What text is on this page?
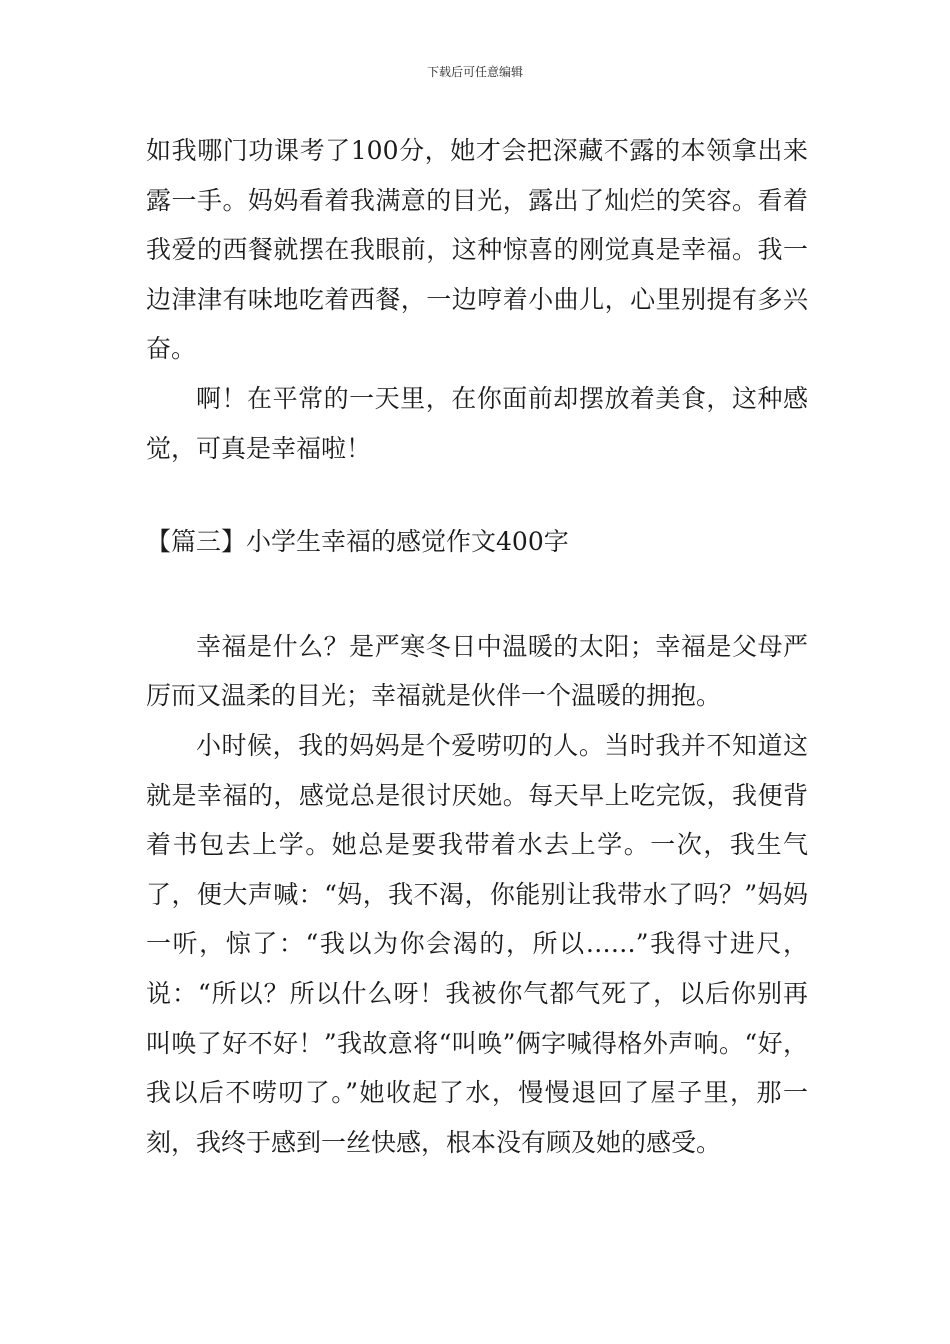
下载后可任意编辑

如我哪门功课考了100分，她才会把深藏不露的本领拿出来露一手。妈妈看着我满意的目光，露出了灿烂的笑容。看着我爱的西餐就摆在我眼前，这种惊喜的刚觉真是幸福。我一边津津有味地吃着西餐，一边哼着小曲儿，心里别提有多兴奋。

啊！在平常的一天里，在你面前却摆放着美食，这种感觉，可真是幸福啦！

【篇三】小学生幸福的感觉作文400字

幸福是什么？是严寒冬日中温暖的太阳；幸福是父母严厉而又温柔的目光；幸福就是伙伴一个温暖的拥抱。

小时候，我的妈妈是个爱唠叨的人。当时我并不知道这就是幸福的，感觉总是很讨厌她。每天早上吃完饭，我便背着书包去上学。她总是要我带着水去上学。一次，我生气了，便大声喊：“妈，我不渴，你能别让我带水了吗？”妈妈一听，惊了：“我以为你会渴的，所以……”我得寸进尺，说：“所以？所以什么呀！我被你气都气死了，以后你别再叫唤了好不好！”我故意将“叫唤”俩字喊得格外声响。“好，我以后不唠叨了。”她收起了水，慢慢退回了屋子里，那一刻，我终于感到一丝快感，根本没有顾及她的感受。
